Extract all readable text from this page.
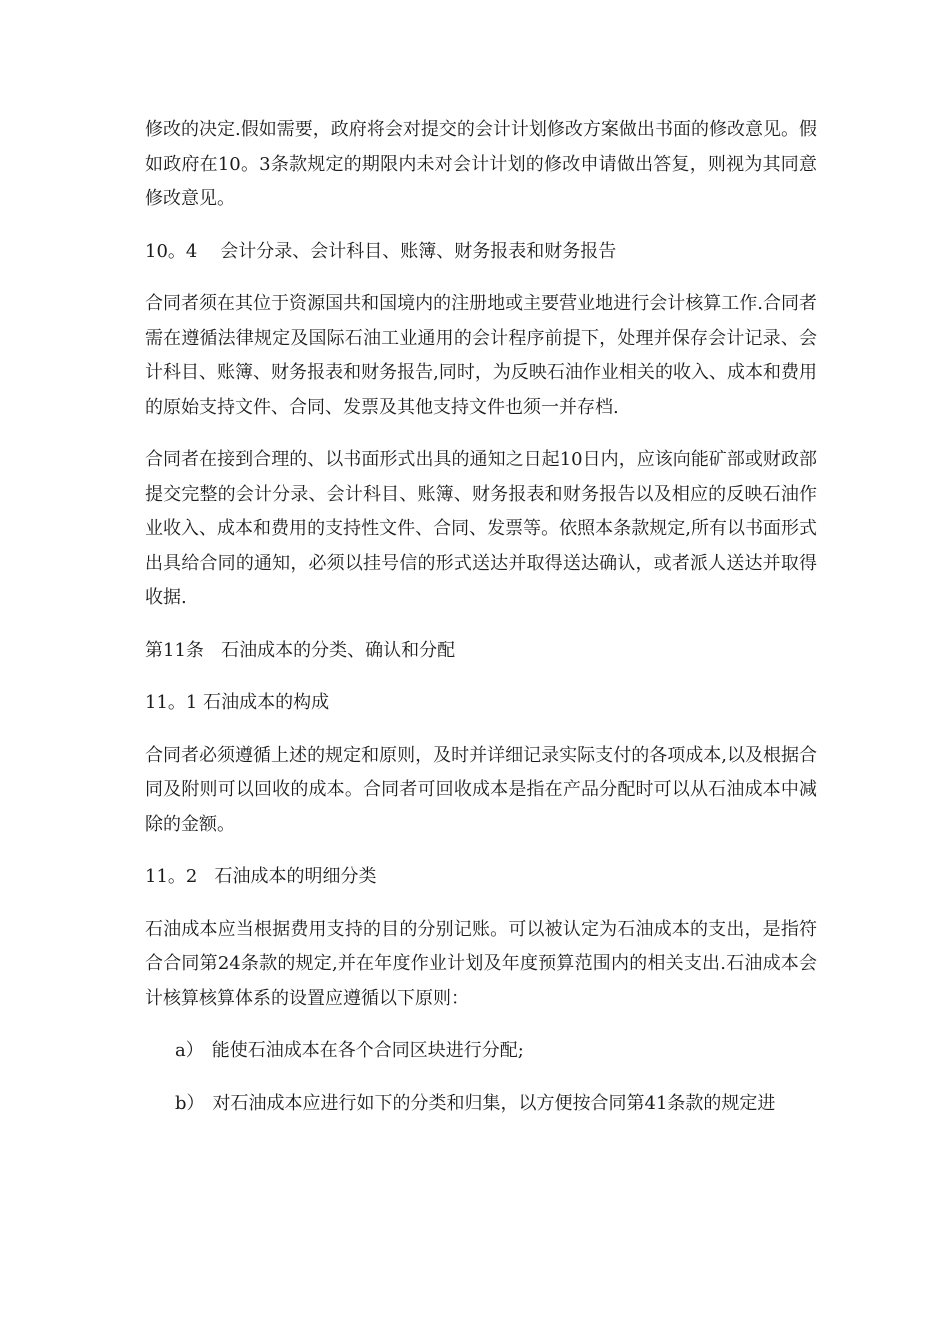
修改的决定.假如需要，政府将会对提交的会计计划修改方案做出书面的修改意见。假如政府在10。3条款规定的期限内未对会计计划的修改申请做出答复，则视为其同意修改意见。

10。4    会计分录、会计科目、账簿、财务报表和财务报告

合同者须在其位于资源国共和国境内的注册地或主要营业地进行会计核算工作.合同者需在遵循法律规定及国际石油工业通用的会计程序前提下，处理并保存会计记录、会计科目、账簿、财务报表和财务报告,同时，为反映石油作业相关的收入、成本和费用的原始支持文件、合同、发票及其他支持文件也须一并存档.

合同者在接到合理的、以书面形式出具的通知之日起10日内，应该向能矿部或财政部提交完整的会计分录、会计科目、账簿、财务报表和财务报告以及相应的反映石油作业收入、成本和费用的支持性文件、合同、发票等。依照本条款规定,所有以书面形式出具给合同的通知，必须以挂号信的形式送达并取得送达确认，或者派人送达并取得收据.

第11条   石油成本的分类、确认和分配

11。1 石油成本的构成

合同者必须遵循上述的规定和原则，及时并详细记录实际支付的各项成本,以及根据合同及附则可以回收的成本。合同者可回收成本是指在产品分配时可以从石油成本中减除的金额。

11。2   石油成本的明细分类

石油成本应当根据费用支持的目的分别记账。可以被认定为石油成本的支出，是指符合合同第24条款的规定,并在年度作业计划及年度预算范围内的相关支出.石油成本会计核算核算体系的设置应遵循以下原则：

a） 能使石油成本在各个合同区块进行分配;

b） 对石油成本应进行如下的分类和归集，以方便按合同第41条款的规定进
